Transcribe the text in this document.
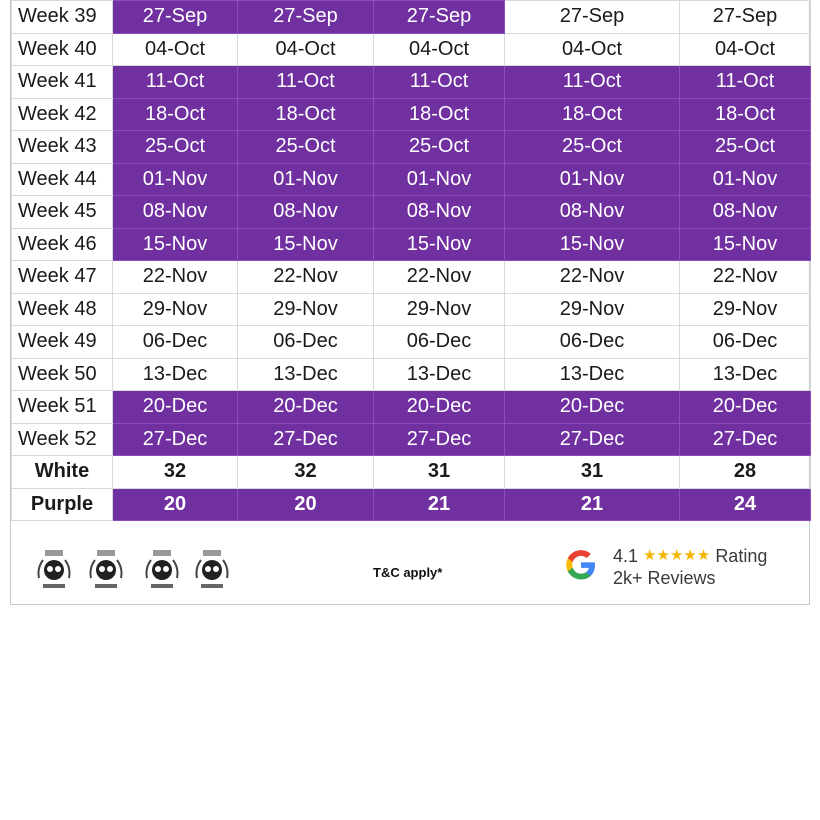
Week 39	27-Sep	27-Sep	27-Sep	27-Sep	27-Sep
Week 40	04-Oct	04-Oct	04-Oct	04-Oct	04-Oct
Week 41	11-Oct	11-Oct	11-Oct	11-Oct	11-Oct
Week 42	18-Oct	18-Oct	18-Oct	18-Oct	18-Oct
Week 43	25-Oct	25-Oct	25-Oct	25-Oct	25-Oct
Week 44	01-Nov	01-Nov	01-Nov	01-Nov	01-Nov
Week 45	08-Nov	08-Nov	08-Nov	08-Nov	08-Nov
Week 46	15-Nov	15-Nov	15-Nov	15-Nov	15-Nov
Week 47	22-Nov	22-Nov	22-Nov	22-Nov	22-Nov
Week 48	29-Nov	29-Nov	29-Nov	29-Nov	29-Nov
Week 49	06-Dec	06-Dec	06-Dec	06-Dec	06-Dec
Week 50	13-Dec	13-Dec	13-Dec	13-Dec	13-Dec
Week 51	20-Dec	20-Dec	20-Dec	20-Dec	20-Dec
Week 52	27-Dec	27-Dec	27-Dec	27-Dec	27-Dec
White	32	32	31	31	28
Purple	20	20	21	21	24
T&C apply*
4.1 ★★★★★ Rating
2k+ Reviews
